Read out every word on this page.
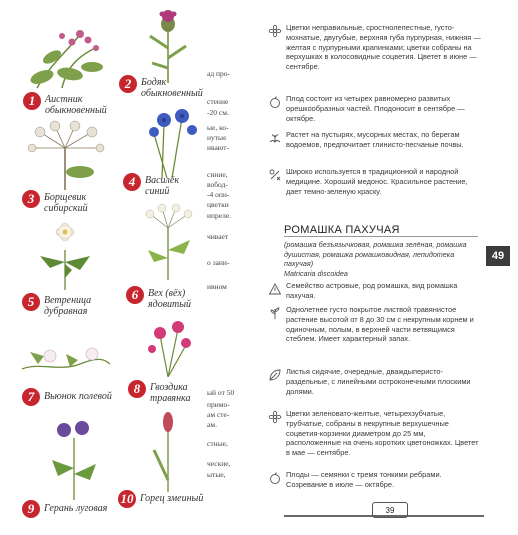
1 Аистник
обыкновенный
2 Бодяк
обыкновенный
3 Борщевик
сибирский
4 Василёк
синий
5 Ветреница
дубравная
6 Вех (вёх)
ядовитый
7 Вьюнок полевой
8 Гвоздика
травянка
9 Герань луговая
10 Горец змеиный
ад про-
стение
-20 см.
ые, ко-
нутые
ивают-
синие,
вобод-
-4 опи-
цветки
ипреле.
чивает
о зани-
ивном
ый от 50
примо-
ам сте-
ам.
стные,
ческие,
ытые,
Цветки неправильные, сростнолепестные, густо-мохнатые, двугубые, верхняя губа пурпурная, нижняя — желтая с пурпурными крапинками; цветки собраны на верхушках в колосовидные соцветия. Цветет в июне — сентябре.
Плод состоит из четырех равномерно развитых орешкообразных частей. Плодоносит в сентябре — октябре.
Растет на пустырях, мусорных местах, по берегам водоемов, предпочитает глинисто-песчаные почвы.
Широко используется в традиционной и народной медицине. Хороший медонос. Красильное растение, дает темно-зеленую краску.
РОМАШКА ПАХУЧАЯ
(ромашка безъязычковая, ромашка зелёная, ромашка душистая, ромашка ромашковидная, лепидотека пахучая)
Matricaria discoidea
49
Семейство астровые, род ромашка, вид ромашка пахучая.
Однолетнее густо покрытое листвой травянистое растение высотой от 8 до 30 см с некрупным корнем и одиночным, полым, в верхней части ветвящимся стеблем. Имеет характерный запах.
Листья сидячие, очередные, дваждыперисто-раздельные, с линейными остроконечными плоскими долями.
Цветки зеленовато-желтые, четырехзубчатые, трубчатые, собраны в некрупные верхушечные соцветия-корзинки диаметром до 25 мм, расположенные на очень коротких цветоножках. Цветет в мае — сентябре.
Плоды — семянки с тремя тонкими ребрами. Созревание в июле — октябре.
39
